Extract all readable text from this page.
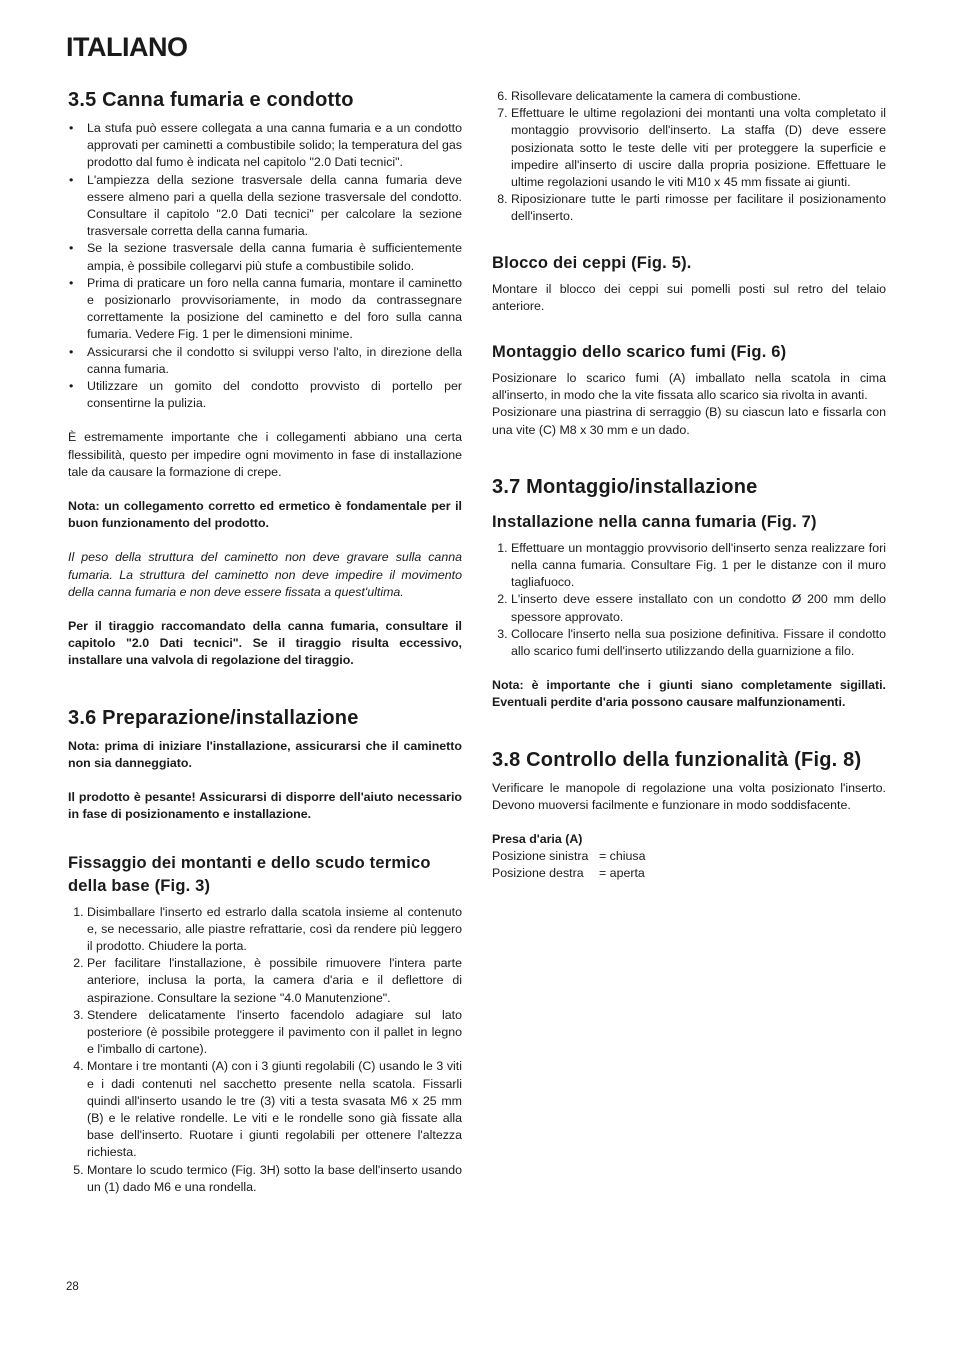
ITALIANO
3.5 Canna fumaria e condotto
• La stufa può essere collegata a una canna fumaria e a un condotto approvati per caminetti a combustibile solido; la temperatura del gas prodotto dal fumo è indicata nel capitolo "2.0 Dati tecnici".
• L'ampiezza della sezione trasversale della canna fumaria deve essere almeno pari a quella della sezione trasversale del condotto. Consultare il capitolo "2.0 Dati tecnici" per calcolare la sezione trasversale corretta della canna fumaria.
• Se la sezione trasversale della canna fumaria è sufficientemente ampia, è possibile collegarvi più stufe a combustibile solido.
• Prima di praticare un foro nella canna fumaria, montare il caminetto e posizionarlo provvisoriamente, in modo da contrassegnare correttamente la posizione del caminetto e del foro sulla canna fumaria. Vedere Fig. 1 per le dimensioni minime.
• Assicurarsi che il condotto si sviluppi verso l'alto, in direzione della canna fumaria.
• Utilizzare un gomito del condotto provvisto di portello per consentirne la pulizia.

È estremamente importante che i collegamenti abbiano una certa flessibilità, questo per impedire ogni movimento in fase di installazione tale da causare la formazione di crepe.

Nota: un collegamento corretto ed ermetico è fondamentale per il buon funzionamento del prodotto.

Il peso della struttura del caminetto non deve gravare sulla canna fumaria. La struttura del caminetto non deve impedire il movimento della canna fumaria e non deve essere fissata a quest'ultima.

Per il tiraggio raccomandato della canna fumaria, consultare il capitolo "2.0 Dati tecnici". Se il tiraggio risulta eccessivo, installare una valvola di regolazione del tiraggio.

3.6 Preparazione/installazione

Nota: prima di iniziare l'installazione, assicurarsi che il caminetto non sia danneggiato.

Il prodotto è pesante! Assicurarsi di disporre dell'aiuto necessario in fase di posizionamento e installazione.

Fissaggio dei montanti e dello scudo termico della base (Fig. 3)
1. Disimballare l'inserto ed estrarlo dalla scatola insieme al contenuto e, se necessario, alle piastre refrattarie, così da rendere più leggero il prodotto. Chiudere la porta.
2. Per facilitare l'installazione, è possibile rimuovere l'intera parte anteriore, inclusa la porta, la camera d'aria e il deflettore di aspirazione. Consultare la sezione "4.0 Manutenzione".
3. Stendere delicatamente l'inserto facendolo adagiare sul lato posteriore (è possibile proteggere il pavimento con il pallet in legno e l'imballo di cartone).
4. Montare i tre montanti (A) con i 3 giunti regolabili (C) usando le 3 viti e i dadi contenuti nel sacchetto presente nella scatola. Fissarli quindi all'inserto usando le tre (3) viti a testa svasata M6 x 25 mm (B) e le relative rondelle. Le viti e le rondelle sono già fissate alla base dell'inserto. Ruotare i giunti regolabili per ottenere l'altezza richiesta.
5. Montare lo scudo termico (Fig. 3H) sotto la base dell'inserto usando un (1) dado M6 e una rondella.
6. Risollevare delicatamente la camera di combustione.
7. Effettuare le ultime regolazioni dei montanti una volta completato il montaggio provvisorio dell'inserto. La staffa (D) deve essere posizionata sotto le teste delle viti per proteggere la superficie e impedire all'inserto di uscire dalla propria posizione. Effettuare le ultime regolazioni usando le viti M10 x 45 mm fissate ai giunti.
8. Riposizionare tutte le parti rimosse per facilitare il posizionamento dell'inserto.
Blocco dei ceppi (Fig. 5).

Montare il blocco dei ceppi sui pomelli posti sul retro del telaio anteriore.

Montaggio dello scarico fumi (Fig. 6)

Posizionare lo scarico fumi (A) imballato nella scatola in cima all'inserto, in modo che la vite fissata allo scarico sia rivolta in avanti.

Posizionare una piastrina di serraggio (B) su ciascun lato e fissarla con una vite (C) M8 x 30 mm e un dado.

3.7 Montaggio/installazione
Installazione nella canna fumaria (Fig. 7)
1. Effettuare un montaggio provvisorio dell'inserto senza realizzare fori nella canna fumaria. Consultare Fig. 1 per le distanze con il muro tagliafuoco.
2. L'inserto deve essere installato con un condotto Ø 200 mm dello spessore approvato.
3. Collocare l'inserto nella sua posizione definitiva. Fissare il condotto allo scarico fumi dell'inserto utilizzando della guarnizione a filo.

Nota: è importante che i giunti siano completamente sigillati. Eventuali perdite d'aria possono causare malfunzionamenti.

3.8 Controllo della funzionalità (Fig. 8)

Verificare le manopole di regolazione una volta posizionato l'inserto. Devono muoversi facilmente e funzionare in modo soddisfacente.

Presa d'aria (A)

Posizione sinistra = chiusa
Posizione destra	= aperta
28
